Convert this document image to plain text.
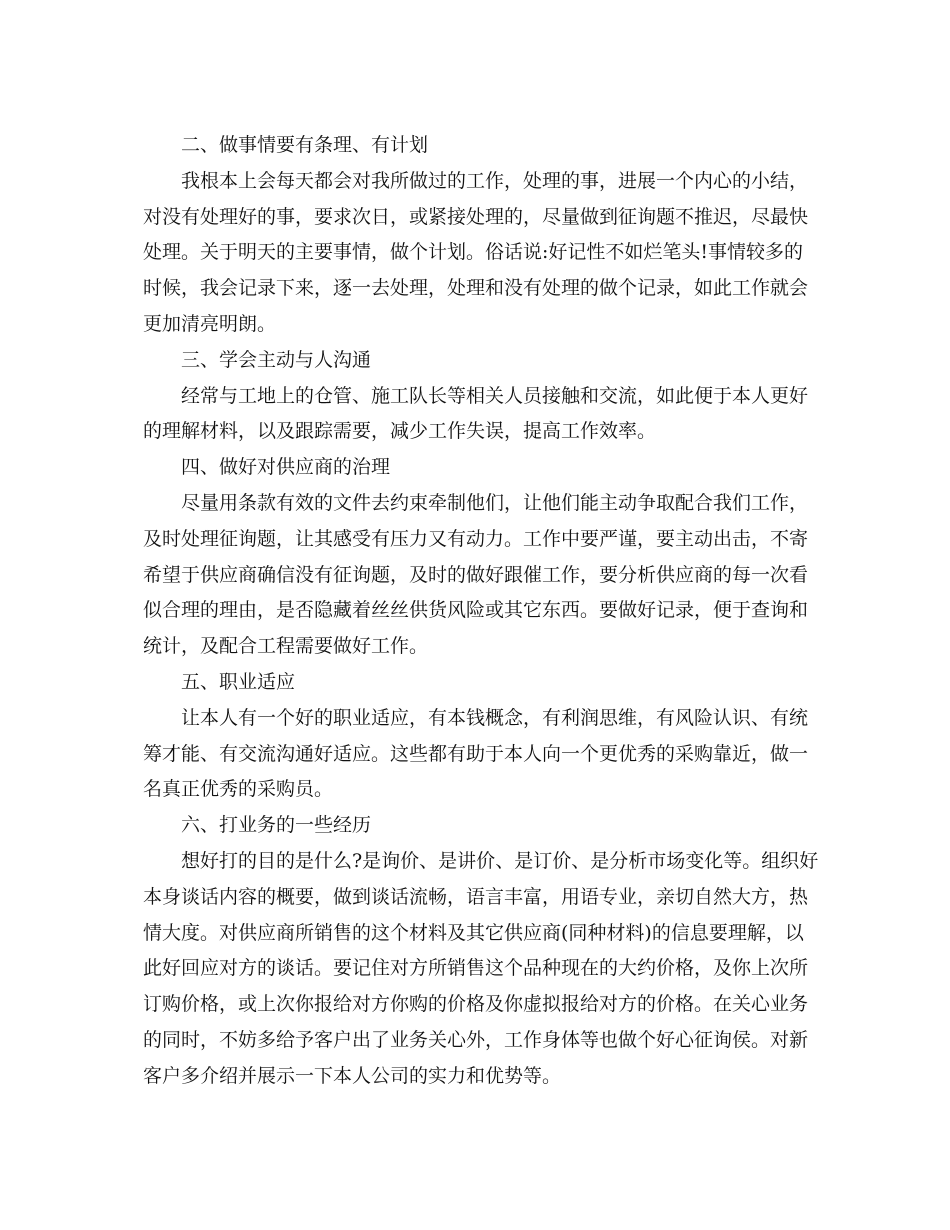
二、做事情要有条理、有计划
我根本上会每天都会对我所做过的工作，处理的事，进展一个内心的小结，
对没有处理好的事，要求次日，或紧接处理的，尽量做到征询题不推迟，尽最快
处理。关于明天的主要事情，做个计划。俗话说:好记性不如烂笔头!事情较多的
时候，我会记录下来，逐一去处理，处理和没有处理的做个记录，如此工作就会
更加清亮明朗。
三、学会主动与人沟通
经常与工地上的仓管、施工队长等相关人员接触和交流，如此便于本人更好
的理解材料，以及跟踪需要，减少工作失误，提高工作效率。
四、做好对供应商的治理
尽量用条款有效的文件去约束牵制他们，让他们能主动争取配合我们工作，
及时处理征询题，让其感受有压力又有动力。工作中要严谨，要主动出击，不寄
希望于供应商确信没有征询题，及时的做好跟催工作，要分析供应商的每一次看
似合理的理由，是否隐藏着丝丝供货风险或其它东西。要做好记录，便于查询和
统计，及配合工程需要做好工作。
五、职业适应
让本人有一个好的职业适应，有本钱概念，有利润思维，有风险认识、有统
筹才能、有交流沟通好适应。这些都有助于本人向一个更优秀的采购靠近，做一
名真正优秀的采购员。
六、打业务的一些经历
想好打的目的是什么?是询价、是讲价、是订价、是分析市场变化等。组织好
本身谈话内容的概要，做到谈话流畅，语言丰富，用语专业，亲切自然大方，热
情大度。对供应商所销售的这个材料及其它供应商(同种材料)的信息要理解，以
此好回应对方的谈话。要记住对方所销售这个品种现在的大约价格，及你上次所
订购价格，或上次你报给对方你购的价格及你虚拟报给对方的价格。在关心业务
的同时，不妨多给予客户出了业务关心外，工作身体等也做个好心征询侯。对新
客户多介绍并展示一下本人公司的实力和优势等。
